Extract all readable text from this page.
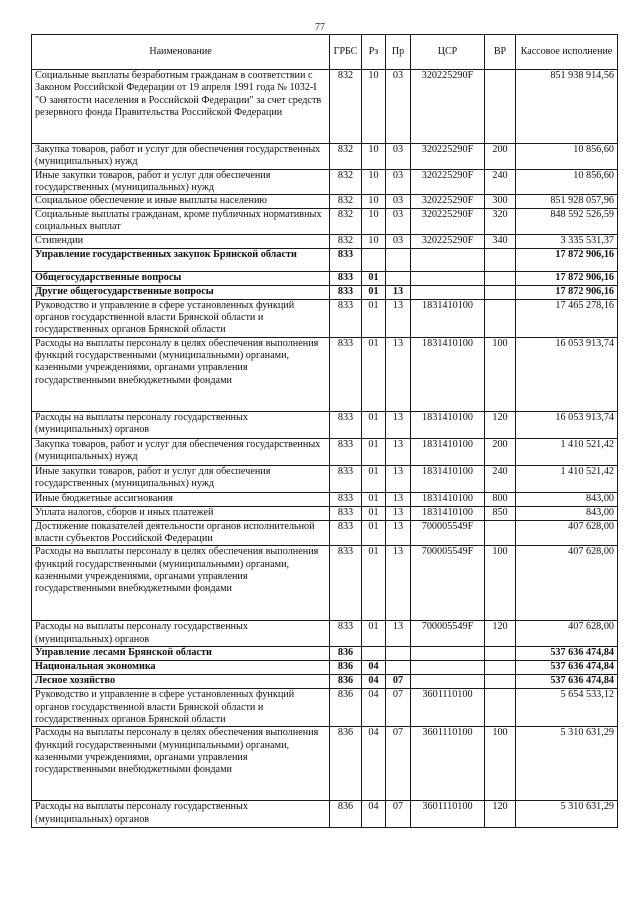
77
Наименование	ГРБС	Рз	Пр	ЦСР	ВР	Кассовое исполнение
Социальные выплаты безработным гражданам в соответствии с Законом Российской Федерации от 19 апреля 1991 года № 1032-I "О занятости населения в Российской Федерации" за счет средств резервного фонда Правительства Российской Федерации	832	10	03	320225290F		851 938 914,56
Закупка товаров, работ и услуг для обеспечения государственных (муниципальных) нужд	832	10	03	320225290F	200	10 856,60
Иные закупки товаров, работ и услуг для обеспечения государственных (муниципальных) нужд	832	10	03	320225290F	240	10 856,60
Социальное обеспечение и иные выплаты населению	832	10	03	320225290F	300	851 928 057,96
Социальные выплаты гражданам, кроме публичных нормативных социальных выплат	832	10	03	320225290F	320	848 592 526,59
Стипендии	832	10	03	320225290F	340	3 335 531,37
Управление государственных закупок Брянской области	833					17 872 906,16
Общегосударственные вопросы	833	01				17 872 906,16
Другие общегосударственные вопросы	833	01	13			17 872 906,16
Руководство и управление в сфере установленных функций органов государственной власти Брянской области и государственных органов Брянской области	833	01	13	1831410100		17 465 278,16
Расходы на выплаты персоналу в целях обеспечения выполнения функций государственными (муниципальными) органами, казенными учреждениями, органами управления государственными внебюджетными фондами	833	01	13	1831410100	100	16 053 913,74
Расходы на выплаты персоналу государственных (муниципальных) органов	833	01	13	1831410100	120	16 053 913,74
Закупка товаров, работ и услуг для обеспечения государственных (муниципальных) нужд	833	01	13	1831410100	200	1 410 521,42
Иные закупки товаров, работ и услуг для обеспечения государственных (муниципальных) нужд	833	01	13	1831410100	240	1 410 521,42
Иные бюджетные ассигнования	833	01	13	1831410100	800	843,00
Уплата налогов, сборов и иных платежей	833	01	13	1831410100	850	843,00
Достижение показателей деятельности органов исполнительной власти субъектов Российской Федерации	833	01	13	700005549F		407 628,00
Расходы на выплаты персоналу в целях обеспечения выполнения функций государственными (муниципальными) органами, казенными учреждениями, органами управления государственными внебюджетными фондами	833	01	13	700005549F	100	407 628,00
Расходы на выплаты персоналу государственных (муниципальных) органов	833	01	13	700005549F	120	407 628,00
Управление лесами Брянской области	836					537 636 474,84
Национальная экономика	836	04				537 636 474,84
Лесное хозяйство	836	04	07			537 636 474,84
Руководство и управление в сфере установленных функций органов государственной власти Брянской области и государственных органов Брянской области	836	04	07	3601110100		5 654 533,12
Расходы на выплаты персоналу в целях обеспечения выполнения функций государственными (муниципальными) органами, казенными учреждениями, органами управления государственными внебюджетными фондами	836	04	07	3601110100	100	5 310 631,29
Расходы на выплаты персоналу государственных (муниципальных) органов	836	04	07	3601110100	120	5 310 631,29
